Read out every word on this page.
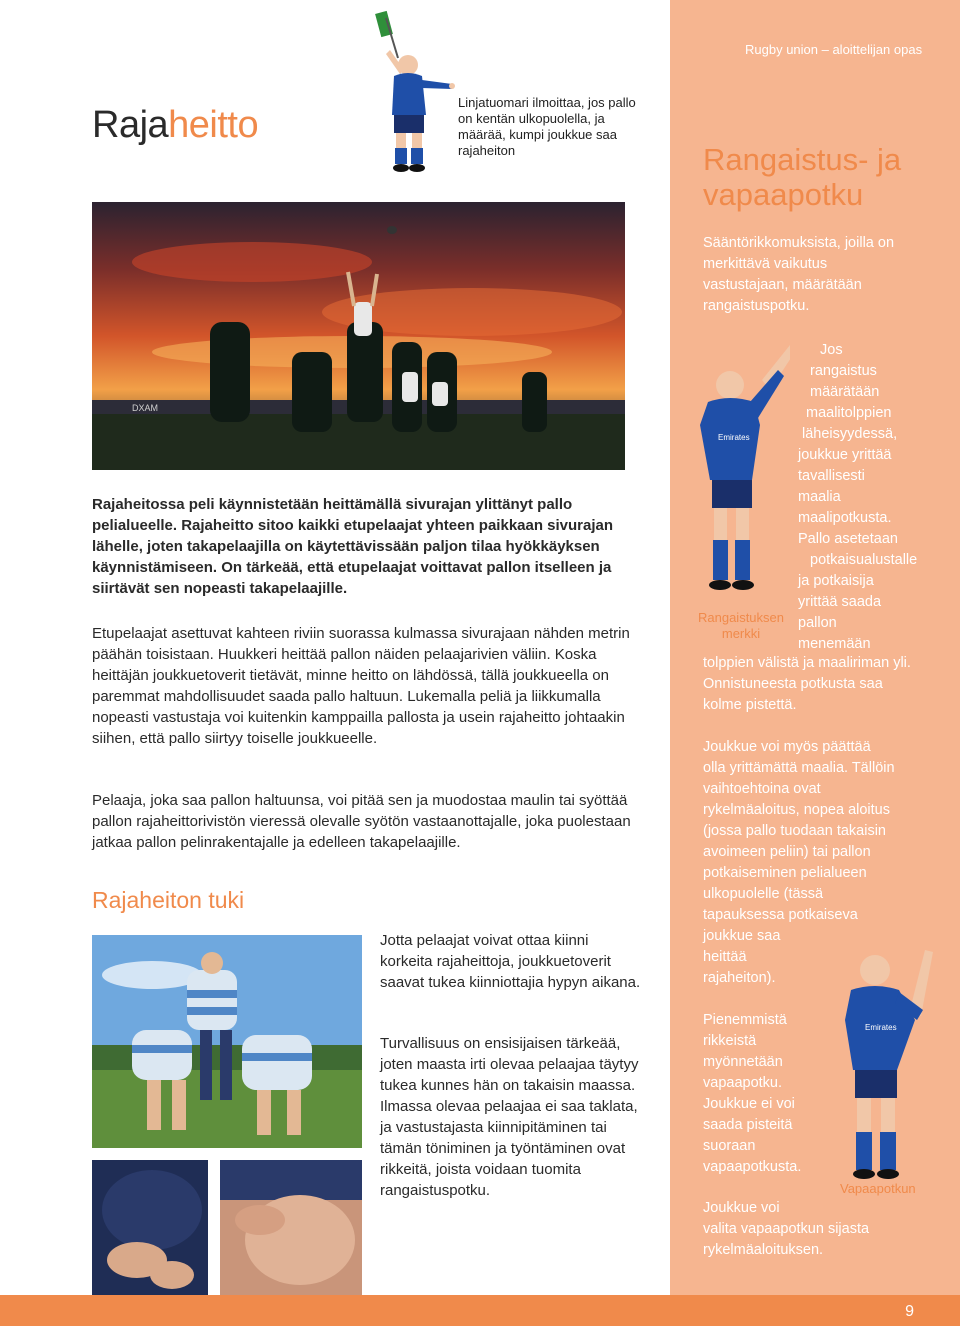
Rugby union – aloittelijan opas
Rajaheitto
Linjatuomari ilmoittaa, jos pallo on kentän ulkopuolella, ja määrää, kumpi joukkue saa rajaheiton
DXAM
Rajaheitossa peli käynnistetään heittämällä sivurajan ylittänyt pallo pelialueelle. Rajaheitto sitoo kaikki etupelaajat yhteen paikkaan sivurajan lähelle, joten takapelaajilla on käytettävissään paljon tilaa hyökkäyksen käynnistämiseen. On tärkeää, että etupelaajat voittavat pallon itselleen ja siirtävät sen nopeasti takapelaajille.
Etupelaajat asettuvat kahteen riviin suorassa kulmassa sivurajaan nähden metrin päähän toisistaan. Huukkeri heittää pallon näiden pelaajarivien väliin. Koska heittäjän joukkuetoverit tietävät, minne heitto on lähdössä, tällä joukkueella on paremmat mahdollisuudet saada pallo haltuun. Lukemalla peliä ja liikkumalla nopeasti vastustaja voi kuitenkin kamppailla pallosta ja usein rajaheitto johtaakin siihen, että pallo siirtyy toiselle joukkueelle.
Pelaaja, joka saa pallon haltuunsa, voi pitää sen ja muodostaa maulin tai syöttää pallon rajaheittorivistön vieressä olevalle syötön vastaanottajalle, joka puolestaan jatkaa pallon pelinrakentajalle ja edelleen takapelaajille.
Rajaheiton tuki
Jotta pelaajat voivat ottaa kiinni korkeita rajaheittoja, joukkuetoverit saavat tukea kiinniottajia hypyn aikana.
Turvallisuus on ensisijaisen tärkeää, joten maasta irti olevaa pelaajaa täytyy tukea kunnes hän on takaisin maassa. Ilmassa olevaa pelaajaa ei saa taklata, ja vastustajasta kiinnipitäminen tai tämän töniminen ja työntäminen ovat rikkeitä, joista voidaan tuomita rangaistuspotku.
Rangaistus- ja vapaapotku
Sääntörikkomuksista, joilla on merkittävä vaikutus vastustajaan, määrätään rangaistuspotku.
Emirates
Jos
rangaistus
määrätään
maalitolppien
läheisyydessä,
joukkue yrittää
tavallisesti
maalia
maalipotkusta.
Pallo asetetaan
potkaisualustalle
ja potkaisija
yrittää saada
pallon
menemään
Rangaistuksen
merkki
tolppien välistä ja maaliriman yli. Onnistuneesta potkusta saa kolme pistettä.
Joukkue voi myös päättää
olla yrittämättä maalia. Tällöin
vaihtoehtoina ovat
rykelmäaloitus, nopea aloitus
(jossa pallo tuodaan takaisin
avoimeen peliin) tai pallon
potkaiseminen pelialueen
ulkopuolelle (tässä
tapauksessa potkaiseva
joukkue saa
heittää
rajaheiton).
Emirates
Pienemmistä
rikkeistä
myönnetään
vapaapotku.
Joukkue ei voi
saada pisteitä
suoraan
vapaapotkusta.
Vapaapotkun
Joukkue voi
valita vapaapotkun sijasta
rykelmäaloituksen.
9
